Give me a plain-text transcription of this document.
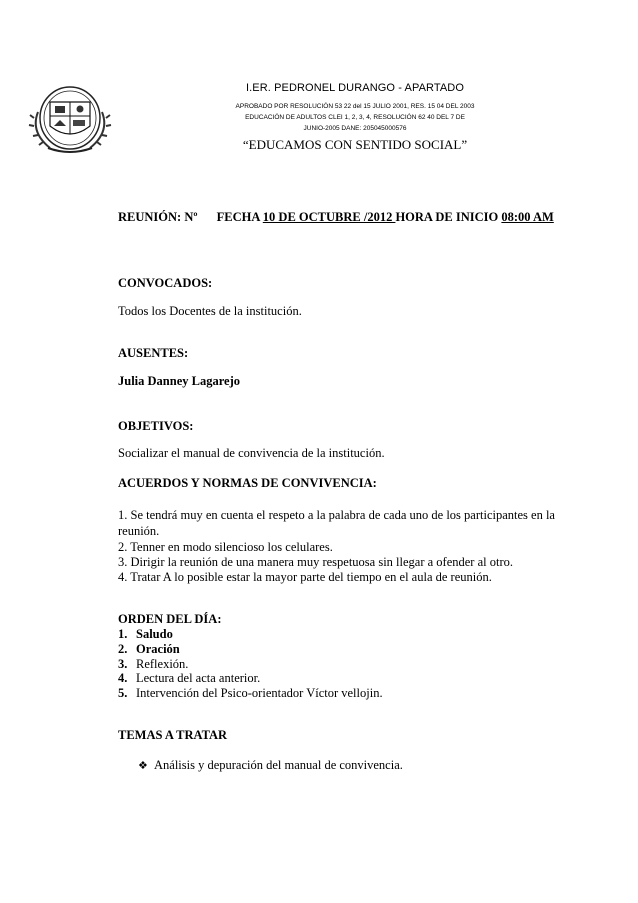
I.ER. PEDRONEL DURANGO - APARTADO
APROBADO POR RESOLUCIÓN 53 22 del 15 JULIO 2001, RES. 15 04 DEL 2003
EDUCACIÓN DE ADULTOS CLEI 1, 2, 3, 4, RESOLUCIÓN 62 40 DEL 7 DE
JUNIO-2005 DANE: 205045000576
“EDUCAMOS CON SENTIDO SOCIAL”
REUNIÓN: Nº FECHA 10 DE OCTUBRE /2012 HORA DE INICIO 08:00 AM
CONVOCADOS:
Todos los Docentes de la institución.
AUSENTES:
Julia Danney Lagarejo
OBJETIVOS:
Socializar el manual de convivencia de la institución.
ACUERDOS Y NORMAS DE CONVIVENCIA:
1. Se tendrá muy en cuenta el respeto a la palabra de cada uno de los participantes en la reunión.
2. Tenner en modo silencioso los celulares.
3. Dirigir la reunión de una manera muy respetuosa sin llegar a ofender al otro.
4. Tratar A lo posible estar la mayor parte del tiempo en el aula de reunión.
ORDEN DEL DÍA:
1. Saludo
2. Oración
3. Reflexión.
4. Lectura del acta anterior.
5. Intervención del Psico-orientador Víctor vellojin.
TEMAS A TRATAR
❖ Análisis y depuración del manual de convivencia.
